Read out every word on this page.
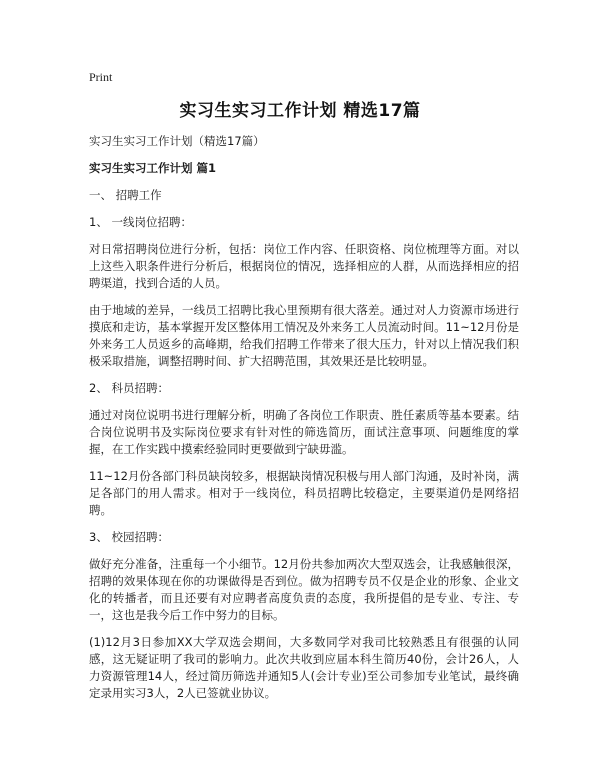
Print
实习生实习工作计划 精选17篇

实习生实习工作计划（精选17篇）

实习生实习工作计划 篇1

一、 招聘工作

1、 一线岗位招聘：

对日常招聘岗位进行分析，包括：岗位工作内容、任职资格、岗位梳理等方面。对以上这些入职条件进行分析后，根据岗位的情况，选择相应的人群，从而选择相应的招聘渠道，找到合适的人员。

由于地域的差异，一线员工招聘比我心里预期有很大落差。通过对人力资源市场进行摸底和走访，基本掌握开发区整体用工情况及外来务工人员流动时间。11~12月份是外来务工人员返乡的高峰期，给我们招聘工作带来了很大压力，针对以上情况我们积极采取措施，调整招聘时间、扩大招聘范围，其效果还是比较明显。

2、 科员招聘：

通过对岗位说明书进行理解分析，明确了各岗位工作职责、胜任素质等基本要素。结合岗位说明书及实际岗位要求有针对性的筛选简历，面试注意事项、问题维度的掌握，在工作实践中摸索经验同时更要做到宁缺毋滥。

11~12月份各部门科员缺岗较多，根据缺岗情况积极与用人部门沟通，及时补岗，满足各部门的用人需求。相对于一线岗位，科员招聘比较稳定，主要渠道仍是网络招聘。

3、 校园招聘：

做好充分准备，注重每一个小细节。12月份共参加两次大型双选会，让我感触很深，招聘的效果体现在你的功课做得是否到位。做为招聘专员不仅是企业的形象、企业文化的转播者，而且还要有对应聘者高度负责的态度，我所提倡的是专业、专注、专一，这也是我今后工作中努力的目标。

(1)12月3日参加XX大学双选会期间，大多数同学对我司比较熟悉且有很强的认同感，这无疑证明了我司的影响力。此次共收到应届本科生简历40份，会计26人，人力资源管理14人，经过简历筛选并通知5人(会计专业)至公司参加专业笔试，最终确定录用实习3人，2人已签就业协议。
